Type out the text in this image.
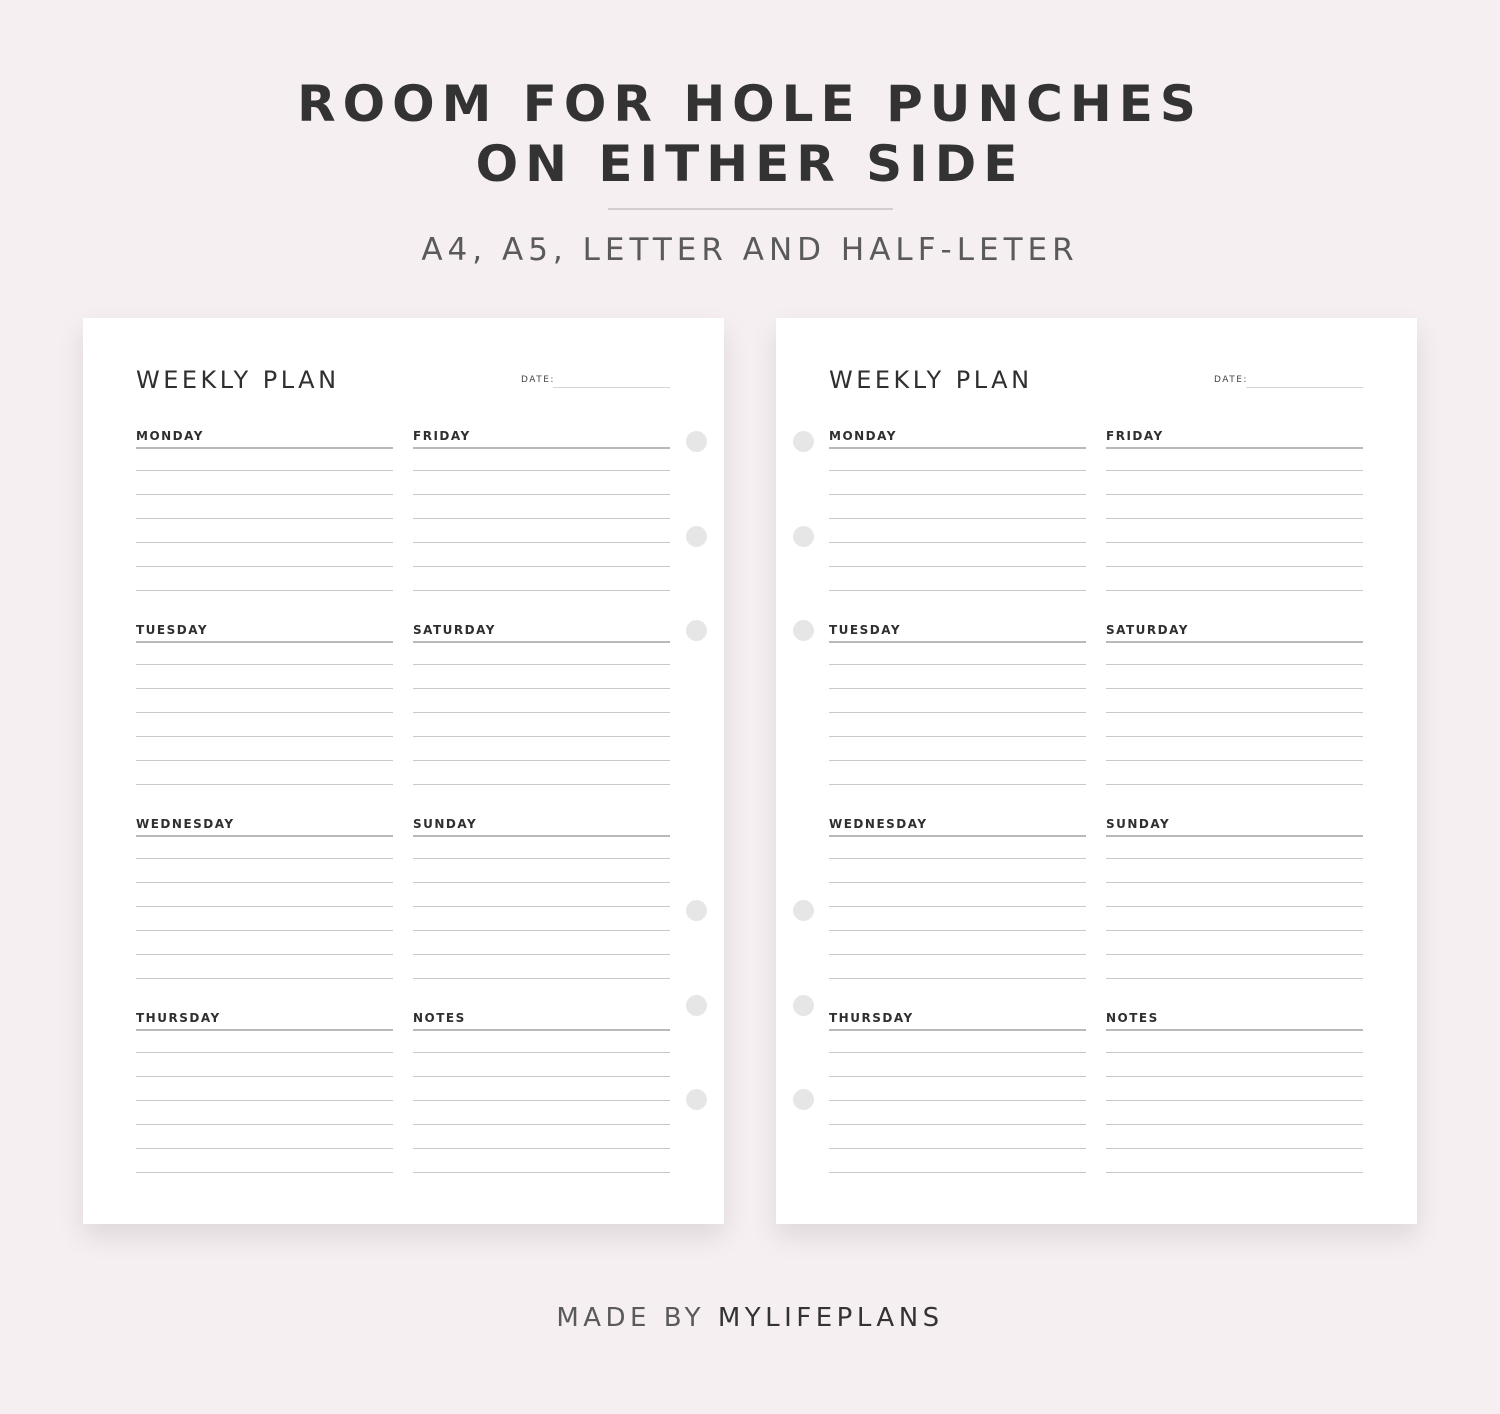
ROOM FOR HOLE PUNCHES
ON EITHER SIDE
A4, A5, LETTER AND HALF-LETER
WEEKLY PLAN	DATE:
MONDAY	FRIDAY
TUESDAY	SATURDAY
WEDNESDAY	SUNDAY
THURSDAY	NOTES
WEEKLY PLAN	DATE:
MONDAY	FRIDAY
TUESDAY	SATURDAY
WEDNESDAY	SUNDAY
THURSDAY	NOTES
MADE BY MYLIFEPLANS
